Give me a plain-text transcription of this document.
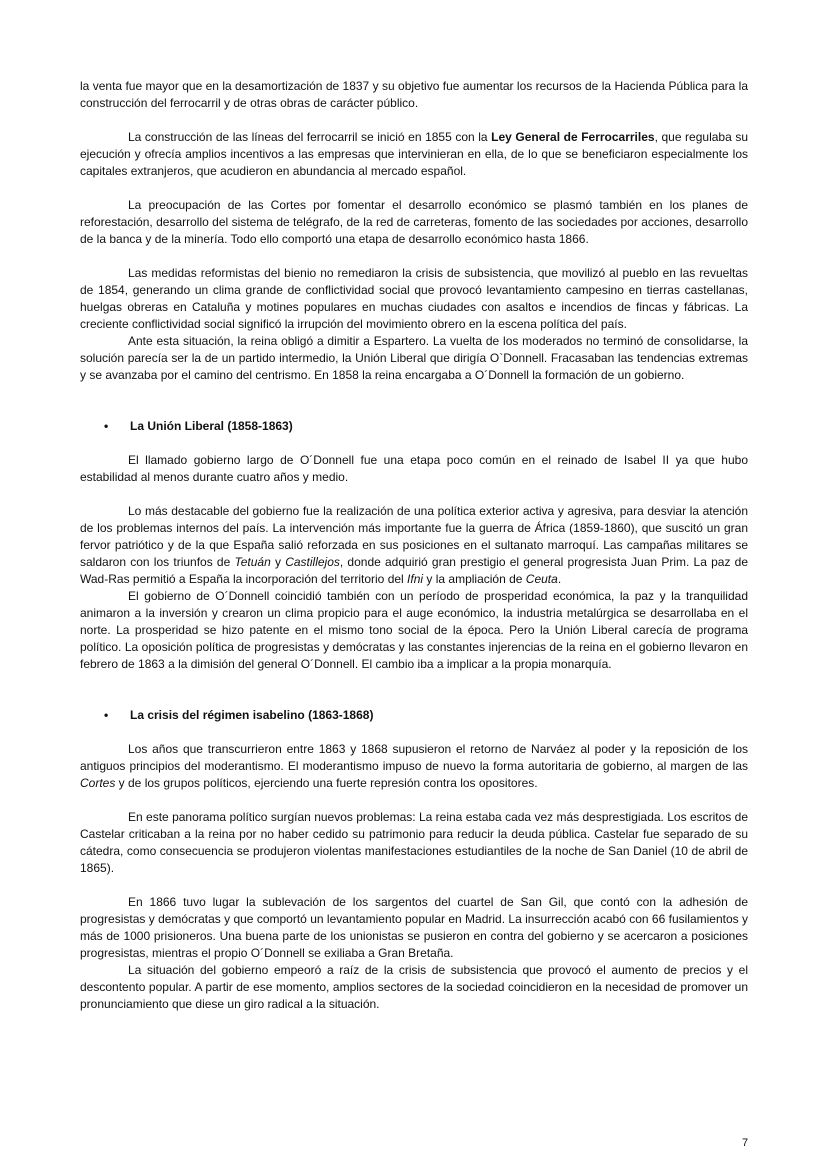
la venta fue mayor que en la desamortización de 1837 y su objetivo fue aumentar los recursos de la Hacienda Pública para la construcción del ferrocarril y de otras obras de carácter público.

La construcción de las líneas del ferrocarril se inició en 1855 con la Ley General de Ferrocarriles, que regulaba su ejecución y ofrecía amplios incentivos a las empresas que intervinieran en ella, de lo que se beneficiaron especialmente los capitales extranjeros, que acudieron en abundancia al mercado español.

La preocupación de las Cortes por fomentar el desarrollo económico se plasmó también en los planes de reforestación, desarrollo del sistema de telégrafo, de la red de carreteras, fomento de las sociedades por acciones, desarrollo de la banca y de la minería. Todo ello comportó una etapa de desarrollo económico hasta 1866.

Las medidas reformistas del bienio no remediaron la crisis de subsistencia, que movilizó al pueblo en las revueltas de 1854, generando un clima grande de conflictividad social que provocó levantamiento campesino en tierras castellanas, huelgas obreras en Cataluña y motines populares en muchas ciudades con asaltos e incendios de fincas y fábricas. La creciente conflictividad social significó la irrupción del movimiento obrero en la escena política del país.

Ante esta situación, la reina obligó a dimitir a Espartero. La vuelta de los moderados no terminó de consolidarse, la solución parecía ser la de un partido intermedio, la Unión Liberal que dirigía O`Donnell. Fracasaban las tendencias extremas y se avanzaba por el camino del centrismo. En 1858 la reina encargaba a O´Donnell la formación de un gobierno.

•	La Unión Liberal (1858-1863)

El llamado gobierno largo de O´Donnell fue una etapa poco común en el reinado de Isabel II ya que hubo estabilidad al menos durante cuatro años y medio.

Lo más destacable del gobierno fue la realización de una política exterior activa y agresiva, para desviar la atención de los problemas internos del país. La intervención más importante fue la guerra de África (1859-1860), que suscitó un gran fervor patriótico y de la que España salió reforzada en sus posiciones en el sultanato marroquí. Las campañas militares se saldaron con los triunfos de Tetuán y Castillejos, donde adquirió gran prestigio el general progresista Juan Prim. La paz de Wad-Ras permitió a España la incorporación del territorio del Ifni y la ampliación de Ceuta.

El gobierno de O´Donnell coincidió también con un período de prosperidad económica, la paz y la tranquilidad animaron a la inversión y crearon un clima propicio para el auge económico, la industria metalúrgica se desarrollaba en el norte. La prosperidad se hizo patente en el mismo tono social de la época. Pero la Unión Liberal carecía de programa político. La oposición política de progresistas y demócratas y las constantes injerencias de la reina en el gobierno llevaron en febrero de 1863 a la dimisión del general O´Donnell. El cambio iba a implicar a la propia monarquía.

•	La crisis del régimen isabelino (1863-1868)

Los años que transcurrieron entre 1863 y 1868 supusieron el retorno de Narváez al poder y la reposición de los antiguos principios del moderantismo. El moderantismo impuso de nuevo la forma autoritaria de gobierno, al margen de las Cortes y de los grupos políticos, ejerciendo una fuerte represión contra los opositores.

En este panorama político surgían nuevos problemas: La reina estaba cada vez más desprestigiada. Los escritos de Castelar criticaban a la reina por no haber cedido su patrimonio para reducir la deuda pública. Castelar fue separado de su cátedra, como consecuencia se produjeron violentas manifestaciones estudiantiles de la noche de San Daniel (10 de abril de 1865).

En 1866 tuvo lugar la sublevación de los sargentos del cuartel de San Gil, que contó con la adhesión de progresistas y demócratas y que comportó un levantamiento popular en Madrid. La insurrección acabó con 66 fusilamientos y más de 1000 prisioneros. Una buena parte de los unionistas se pusieron en contra del gobierno y se acercaron a posiciones progresistas, mientras el propio O´Donnell se exiliaba a Gran Bretaña.

La situación del gobierno empeoró a raíz de la crisis de subsistencia que provocó el aumento de precios y el descontento popular. A partir de ese momento, amplios sectores de la sociedad coincidieron en la necesidad de promover un pronunciamiento que diese un giro radical a la situación.

7
